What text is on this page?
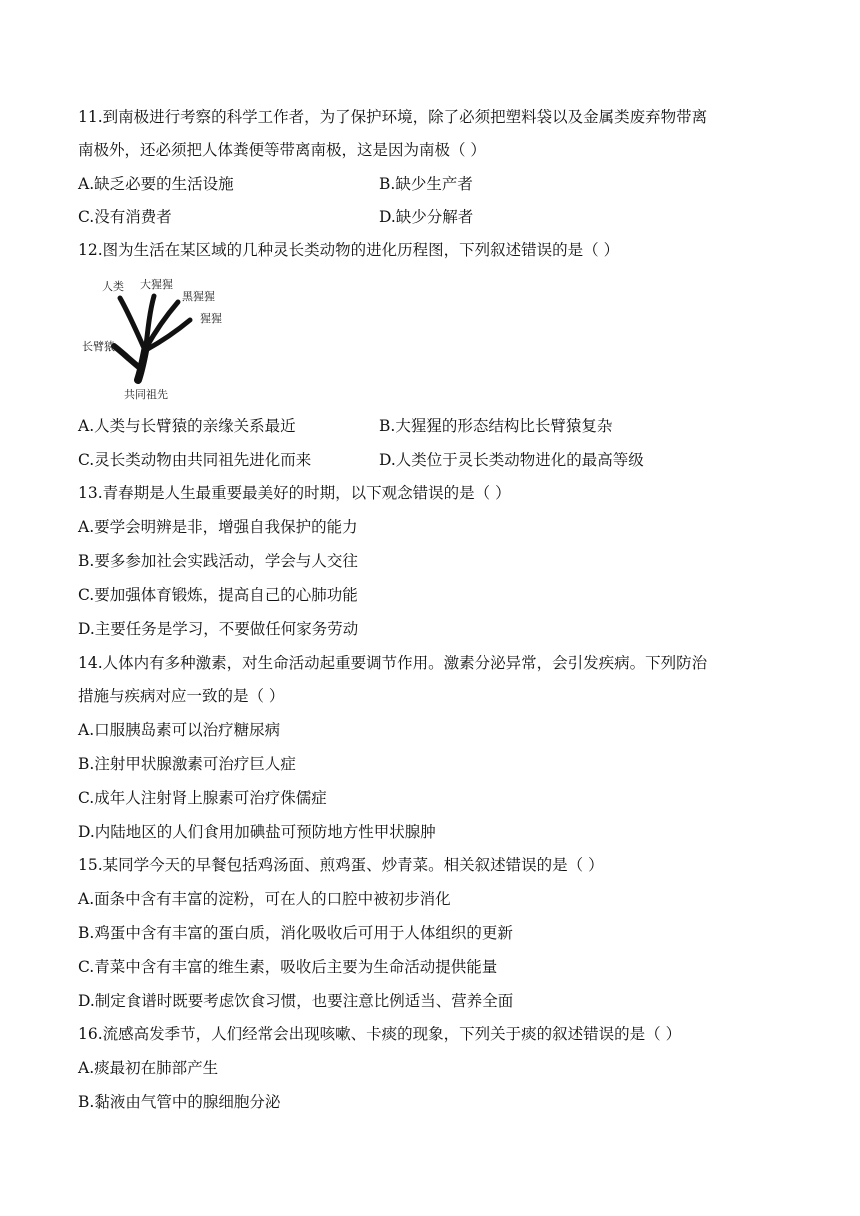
11.到南极进行考察的科学工作者，为了保护环境，除了必须把塑料袋以及金属类废弃物带离
南极外，还必须把人体粪便等带离南极，这是因为南极（ ）
A.缺乏必要的生活设施	B.缺少生产者
C.没有消费者	D.缺少分解者
12.图为生活在某区域的几种灵长类动物的进化历程图，下列叙述错误的是（ ）
人类 大猩猩
黑猩猩
猩猩
长臂猿
共同祖先
A.人类与长臂猿的亲缘关系最近	B.大猩猩的形态结构比长臂猿复杂
C.灵长类动物由共同祖先进化而来	D.人类位于灵长类动物进化的最高等级
13.青春期是人生最重要最美好的时期，以下观念错误的是（ ）
A.要学会明辨是非，增强自我保护的能力
B.要多参加社会实践活动，学会与人交往
C.要加强体育锻炼，提高自己的心肺功能
D.主要任务是学习，不要做任何家务劳动
14.人体内有多种激素，对生命活动起重要调节作用。激素分泌异常，会引发疾病。下列防治
措施与疾病对应一致的是（ ）
A.口服胰岛素可以治疗糖尿病
B.注射甲状腺激素可治疗巨人症
C.成年人注射肾上腺素可治疗侏儒症
D.内陆地区的人们食用加碘盐可预防地方性甲状腺肿
15.某同学今天的早餐包括鸡汤面、煎鸡蛋、炒青菜。相关叙述错误的是（ ）
A.面条中含有丰富的淀粉，可在人的口腔中被初步消化
B.鸡蛋中含有丰富的蛋白质，消化吸收后可用于人体组织的更新
C.青菜中含有丰富的维生素，吸收后主要为生命活动提供能量
D.制定食谱时既要考虑饮食习惯，也要注意比例适当、营养全面
16.流感高发季节，人们经常会出现咳嗽、卡痰的现象，下列关于痰的叙述错误的是（ ）
A.痰最初在肺部产生
B.黏液由气管中的腺细胞分泌
